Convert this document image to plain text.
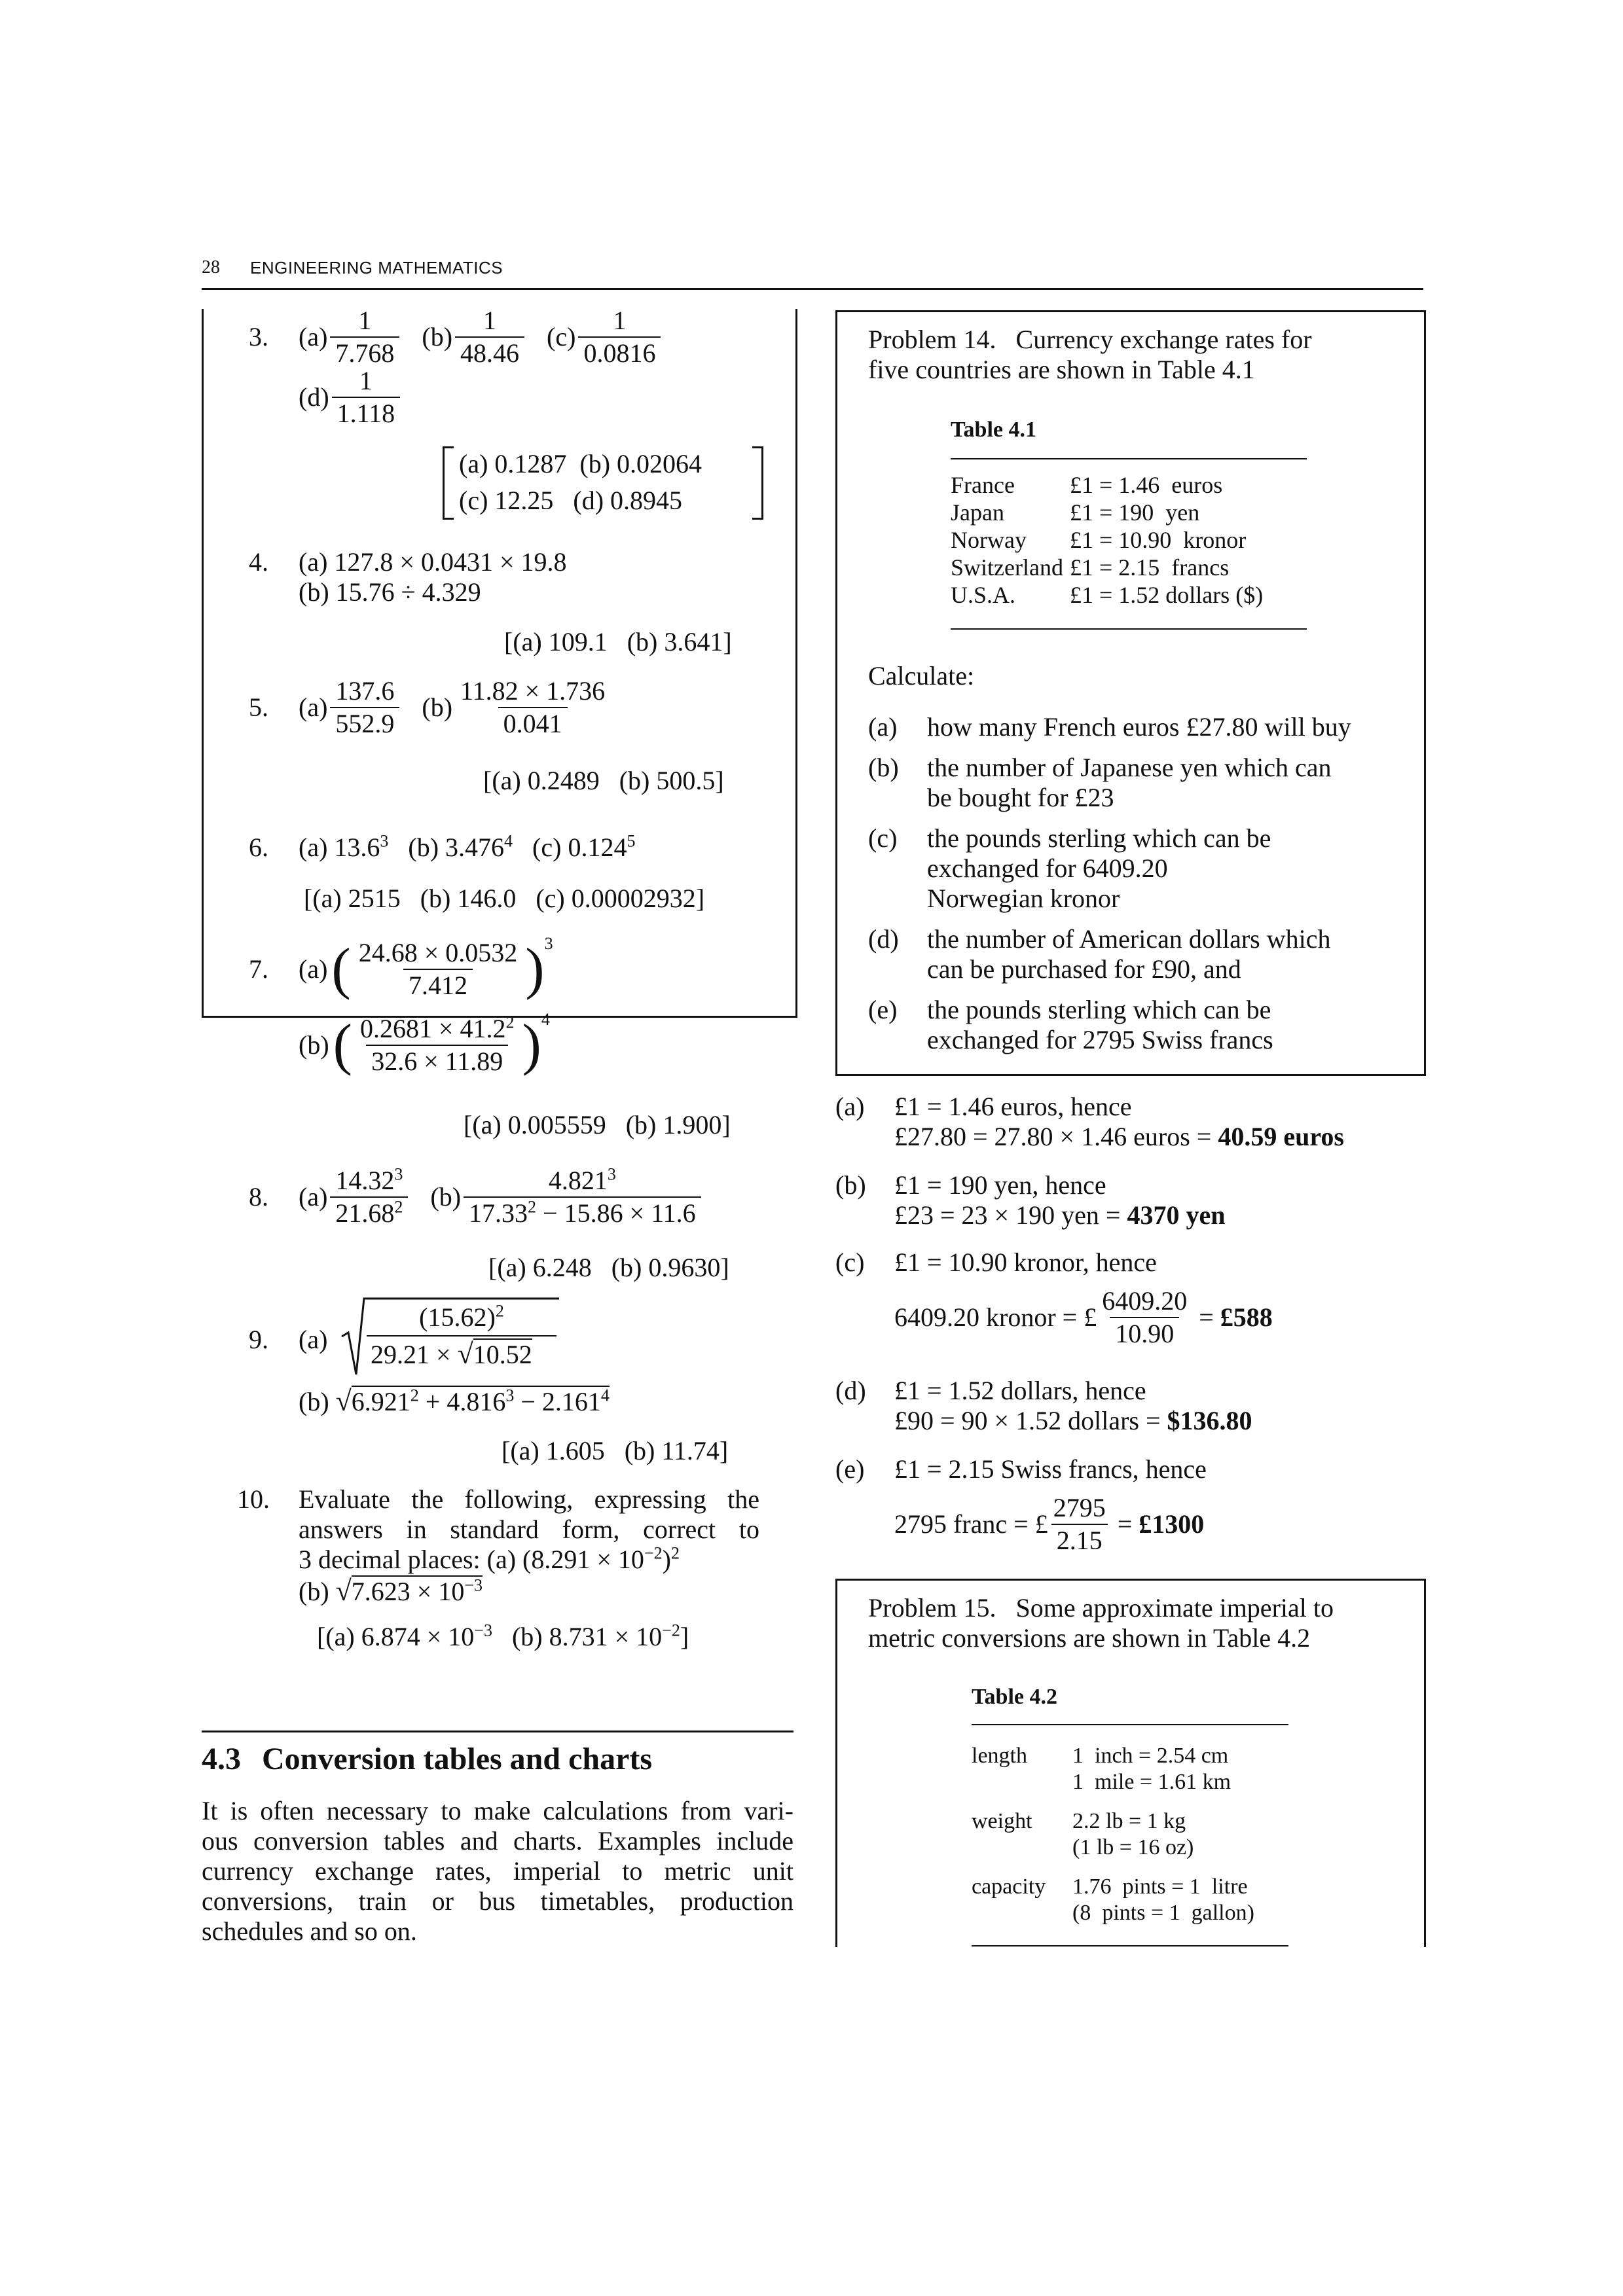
28 ENGINEERING MATHEMATICS
3.	$(a) \frac{1}{7.768} (b) \frac{1}{48.46} (c) \frac{1}{0.0816}$
$(d) \frac{1}{1.118}$
(a) 0.1287  (b) 0.02064
(c) 12.25   (d) 0.8945
4. (a) 127.8 × 0.0431 × 19.8
(b) 15.76 ÷ 4.329
[(a) 109.1   (b) 3.641]
5.	$(a) \frac{137.6}{552.9} (b) \frac{11.82 \times 1.736}{0.041}$
[(a) 0.2489   (b) 500.5]
6. (a) 13.6$^3$   (b) 3.476$^4$   (c) 0.124$^5$
[(a) 2515   (b) 146.0   (c) 0.00002932]
7.	(a) ( $\frac{24.68 \times 0.0532}{7.412}$ ) 3
(b) ( $\frac{0.2681 \times 41.2^2}{32.6 \times 11.89}$ ) 4
[(a) 0.005559   (b) 1.900]
8.	$(a) \frac{14.32^3}{21.68^2} (b) \frac{4.821^3}{17.33^2 - 15.86 \times 11.6}$
[(a) 6.248   (b) 0.9630]
9. (a)
$(15.62)^2$
29.21 × √10.52
(b) $√6.921^2 + 4.816^3 - 2.161^4$
[(a) 1.605   (b) 11.74]
10. Evaluate the following, expressing the
answers in standard form, correct to
3 decimal places: (a) $(8.291 \times 10^{-2})^2$
(b) $√7.623 \times 10^{-3}$
[(a) $6.874 \times 10^{-3}$   (b) $8.731 \times 10^{-2}$]
4.3 Conversion tables and charts
It is often necessary to make calculations from vari-
ous conversion tables and charts. Examples include
currency exchange rates, imperial to metric unit
conversions, train or bus timetables, production
schedules and so on.
Problem 14.   Currency exchange rates for
five countries are shown in Table 4.1
Table 4.1
France	£1 = 1.46  euros
Japan	£1 = 190  yen
Norway	£1 = 10.90  kronor
Switzerland	£1 = 2.15  francs
U.S.A.	£1 = 1.52 dollars ($)
Calculate:
(a) how many French euros £27.80 will buy
(b) the number of Japanese yen which can
be bought for £23
(c) the pounds sterling which can be
exchanged for 6409.20
Norwegian kronor
(d) the number of American dollars which
can be purchased for £90, and
(e) the pounds sterling which can be
exchanged for 2795 Swiss francs
(a) £1 = 1.46 euros, hence
£27.80 = 27.80 × 1.46 euros = 40.59 euros
(b) £1 = 190 yen, hence
£23 = 23 × 190 yen = 4370 yen
(c) £1 = 10.90 kronor, hence
6409.20 kronor = £ $\frac{6409.20}{10.90}$ = £588
(d) £1 = 1.52 dollars, hence
£90 = 90 × 1.52 dollars = $136.80
(e) £1 = 2.15 Swiss francs, hence
2795 franc = £ $\frac{2795}{2.15}$ = £1300
Problem 15.   Some approximate imperial to
metric conversions are shown in Table 4.2
Table 4.2
length 1  inch = 2.54 cm
1  mile = 1.61 km
weight 2.2 lb = 1 kg
(1 lb = 16 oz)
capacity 1.76  pints = 1  litre
(8  pints = 1  gallon)
